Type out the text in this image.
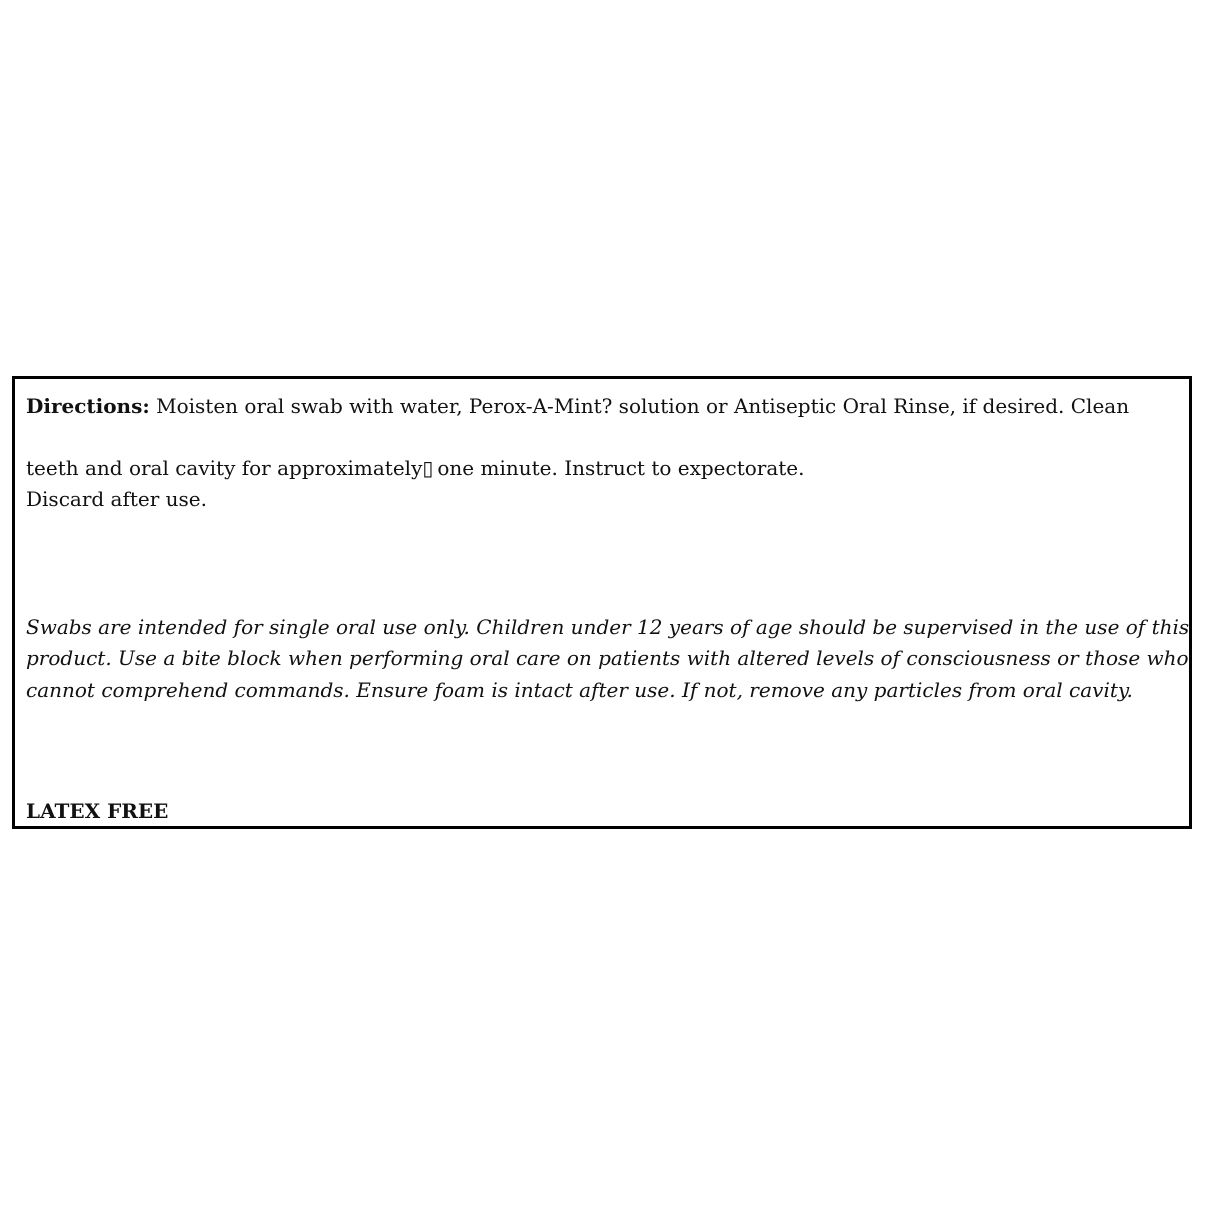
Directions: Moisten oral swab with water, Perox-A-Mint? solution or Antiseptic Oral Rinse, if desired. Clean
teeth and oral cavity for approximately▯ one minute. Instruct to expectorate.
Discard after use.
Swabs are intended for single oral use only. Children under 12 years of age should be supervised in the use of this
product. Use a bite block when performing oral care on patients with altered levels of consciousness or those who
cannot comprehend commands. Ensure foam is intact after use. If not, remove any particles from oral cavity.
LATEX FREE
